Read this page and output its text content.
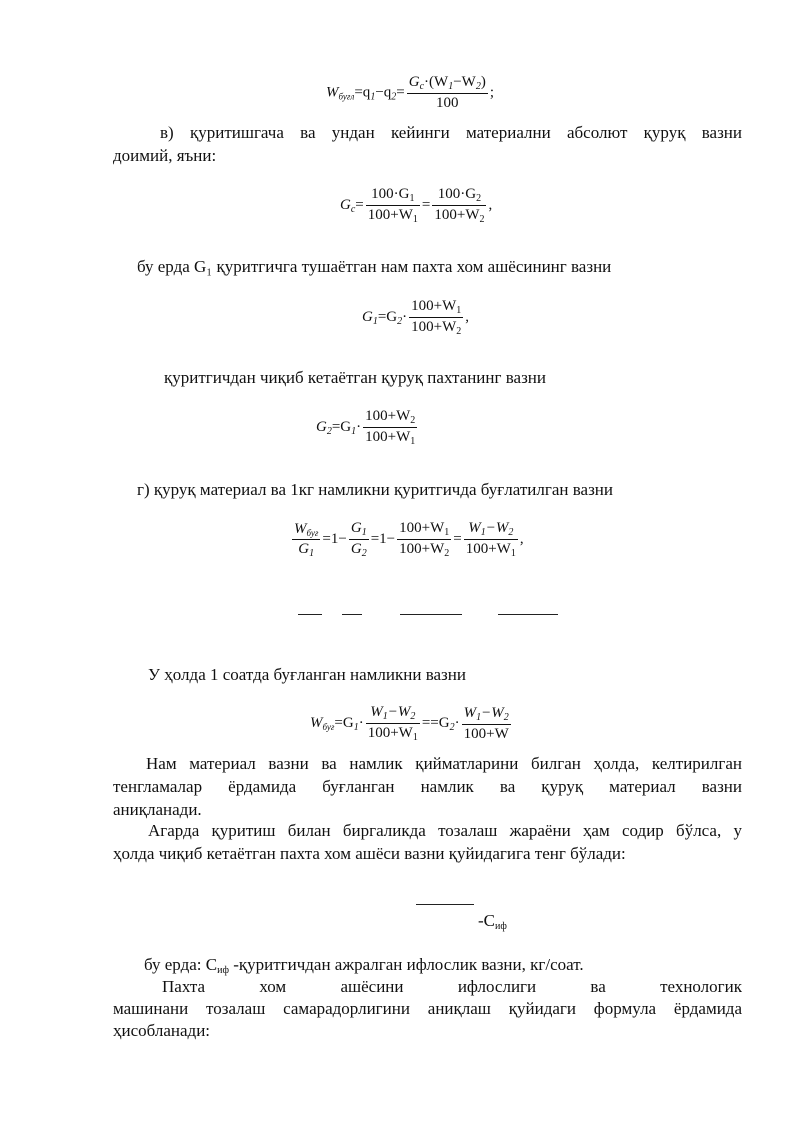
$W_{буғл}=q_1-q_2= \frac{G_с\cdot(W_1-W_2)}{100}$ ;
в) қуритишгача ва ундан кейинги материални абсолют қуруқ вазни
доимий, яъни:
$G_с= \frac{100\cdot G_1}{100+W_1} = \frac{100\cdot G_2}{100+W_2}$ ,
бу ерда G₁ қуритгичга тушаётган нам пахта хом ашёсининг вазни
$G_1=G_2\cdot \frac{100+W_1}{100+W_2}$ ,
қуритгичдан чиқиб кетаётган қуруқ пахтанинг вазни
$G_2=G_1\cdot \frac{100+W_2}{100+W_1}$
г) қуруқ материал ва 1кг намликни қуритгичда буғлатилган вазни
$\frac{W_{буғ}}{G_1} =1- \frac{G_1}{G_2} =1- \frac{100+W_1}{100+W_2} = \frac{W_1-W_2}{100+W_1}$ ,
У ҳолда 1 соатда буғланган намликни вазни
$W_{буғ}=G_1\cdot \frac{W_1-W_2}{100+W_1} ==G_2\cdot \frac{W_1-W_2}{100+W}$
Нам материал вазни ва намлик қийматларини билган ҳолда, келтирилган
тенгламалар ёрдамида буғланган намлик ва қуруқ материал вазни
аниқланади.
Агарда қуритиш билан биргаликда тозалаш жараёни ҳам содир бўлса, у
ҳолда чиқиб кетаётган пахта хом ашёси вазни қуйидагига тенг бўлади:
$-С_{иф}$
бу ерда: $С_{иф}$ -қуритгичдан ажралган ифлослик вазни, кг/соат.
Пахта	хом	ашёсини	ифлослиги	ва	технологик
машинани тозалаш самарадорлигини аниқлаш қуйидаги формула ёрдамида
ҳисобланади:
